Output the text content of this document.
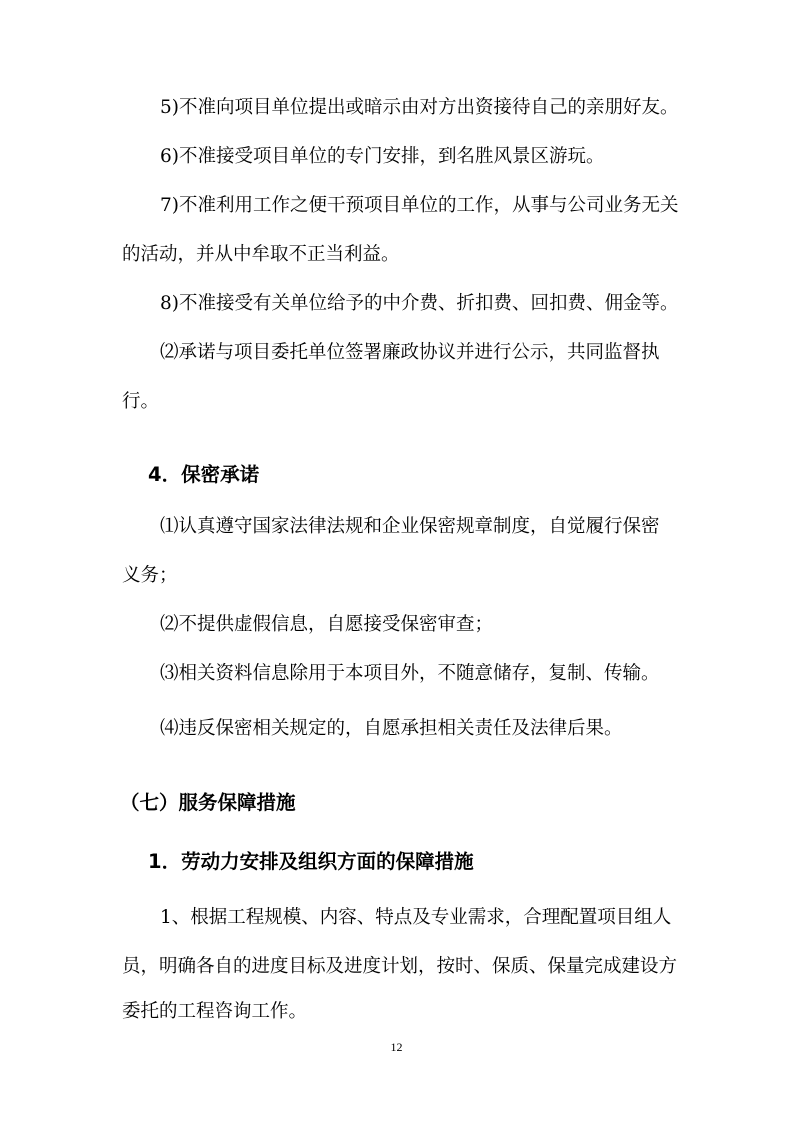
5)不准向项目单位提出或暗示由对方出资接待自己的亲朋好友。
6)不准接受项目单位的专门安排，到名胜风景区游玩。
7)不准利用工作之便干预项目单位的工作，从事与公司业务无关
的活动，并从中牟取不正当利益。
8)不准接受有关单位给予的中介费、折扣费、回扣费、佣金等。
⑵承诺与项目委托单位签署廉政协议并进行公示，共同监督执
行。
4．保密承诺
⑴认真遵守国家法律法规和企业保密规章制度，自觉履行保密
义务；
⑵不提供虚假信息，自愿接受保密审查；
⑶相关资料信息除用于本项目外，不随意储存，复制、传输。
⑷违反保密相关规定的，自愿承担相关责任及法律后果。
（七）服务保障措施
1．劳动力安排及组织方面的保障措施
1、根据工程规模、内容、特点及专业需求，合理配置项目组人
员，明确各自的进度目标及进度计划，按时、保质、保量完成建设方
委托的工程咨询工作。
12
